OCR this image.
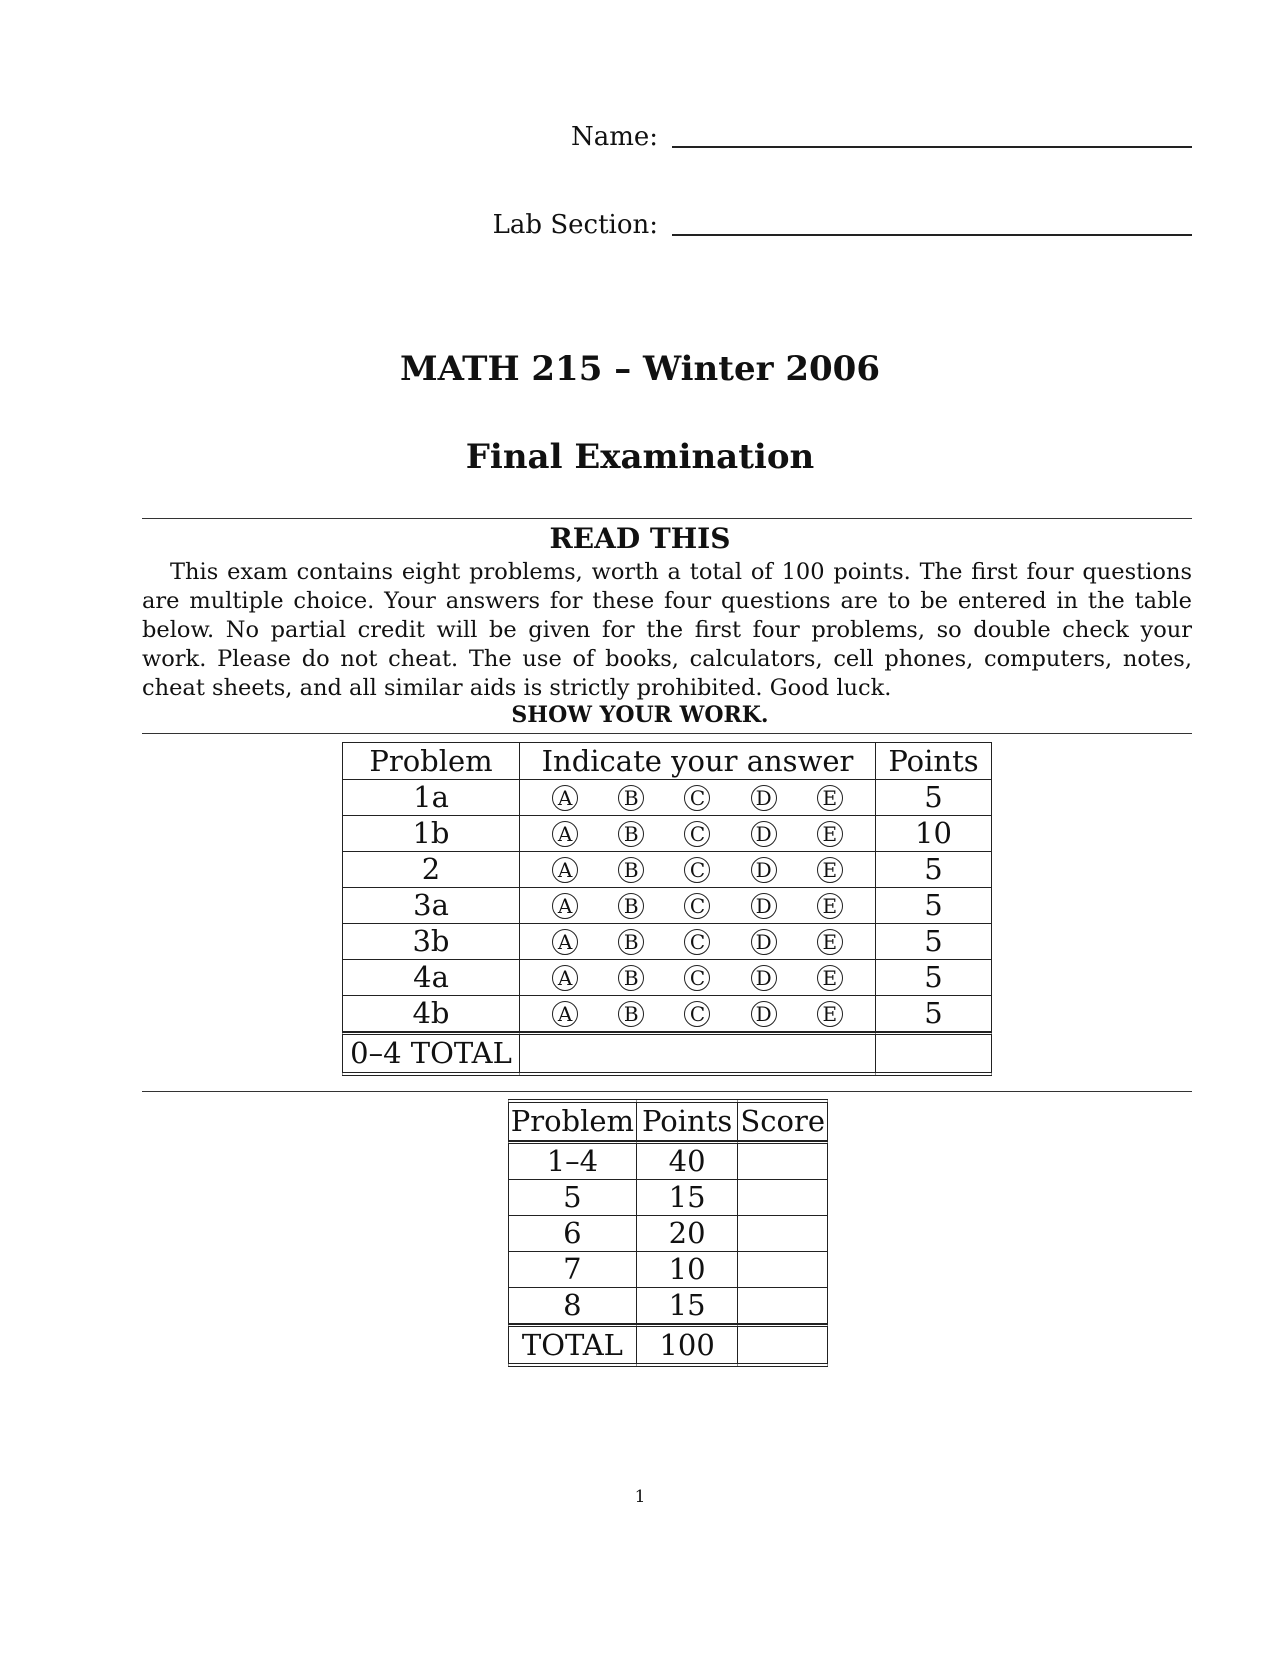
Name:
Lab Section:
MATH 215 – Winter 2006
Final Examination
READ THIS

This exam contains eight problems, worth a total of 100 points. The first four questions are multiple choice. Your answers for these four questions are to be entered in the table below. No partial credit will be given for the first four problems, so double check your work. Please do not cheat. The use of books, calculators, cell phones, computers, notes, cheat sheets, and all similar aids is strictly prohibited. Good luck.

SHOW YOUR WORK.
Problem	Indicate your answer	Points
1a	A B C D E	5
1b	A B C D E	10
2	A B C D E	5
3a	A B C D E	5
3b	A B C D E	5
4a	A B C D E	5
4b	A B C D E	5
0–4 TOTAL		
Problem	Points	Score
1–4	40	
5	15	
6	20	
7	10	
8	15	
TOTAL	100	
1
